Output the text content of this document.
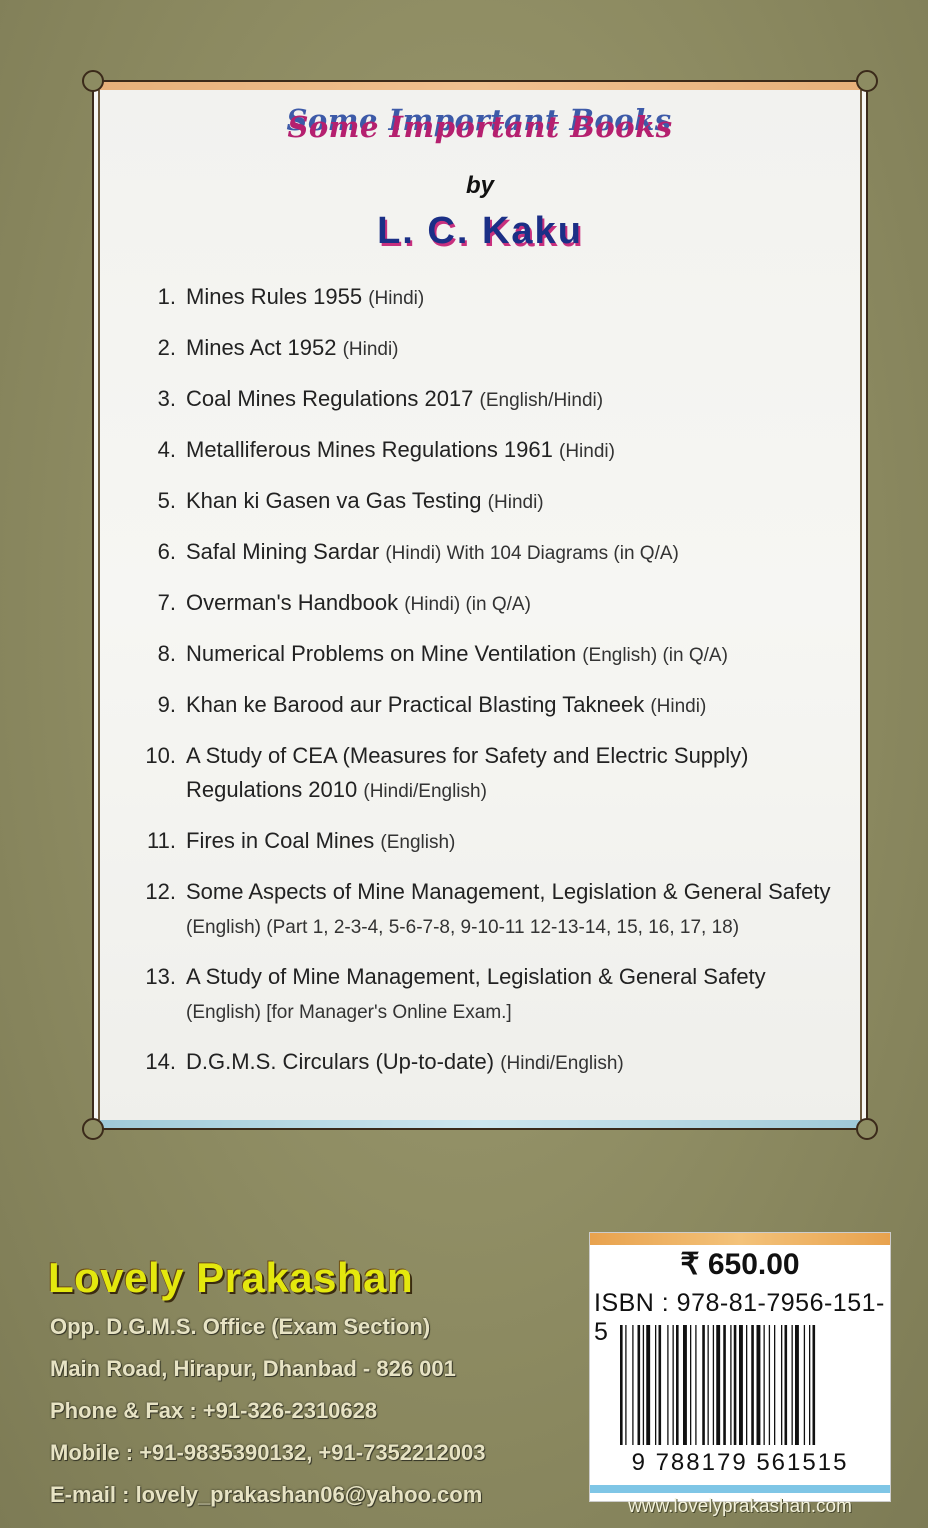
Some Important Books
by
L. C. Kaku
1. Mines Rules 1955 (Hindi)
2. Mines Act 1952 (Hindi)
3. Coal Mines Regulations 2017 (English/Hindi)
4. Metalliferous Mines Regulations 1961 (Hindi)
5. Khan ki Gasen va Gas Testing (Hindi)
6. Safal Mining Sardar (Hindi) With 104 Diagrams (in Q/A)
7. Overman's Handbook (Hindi) (in Q/A)
8. Numerical Problems on Mine Ventilation (English) (in Q/A)
9. Khan ke Barood aur Practical Blasting Takneek (Hindi)
10. A Study of CEA (Measures for Safety and Electric Supply) Regulations 2010 (Hindi/English)
11. Fires in Coal Mines (English)
12. Some Aspects of Mine Management, Legislation & General Safety (English) (Part 1, 2-3-4, 5-6-7-8, 9-10-11 12-13-14, 15, 16, 17, 18)
13. A Study of Mine Management, Legislation & General Safety (English) [for Manager's Online Exam.]
14. D.G.M.S. Circulars (Up-to-date) (Hindi/English)
Lovely Prakashan
Opp. D.G.M.S. Office (Exam Section)
Main Road, Hirapur, Dhanbad - 826 001
Phone & Fax : +91-326-2310628
Mobile : +91-9835390132, +91-7352212003
E-mail : lovely_prakashan06@yahoo.com
₹ 650.00
ISBN : 978-81-7956-151-5
9 788179 561515
www.lovelyprakashan.com
